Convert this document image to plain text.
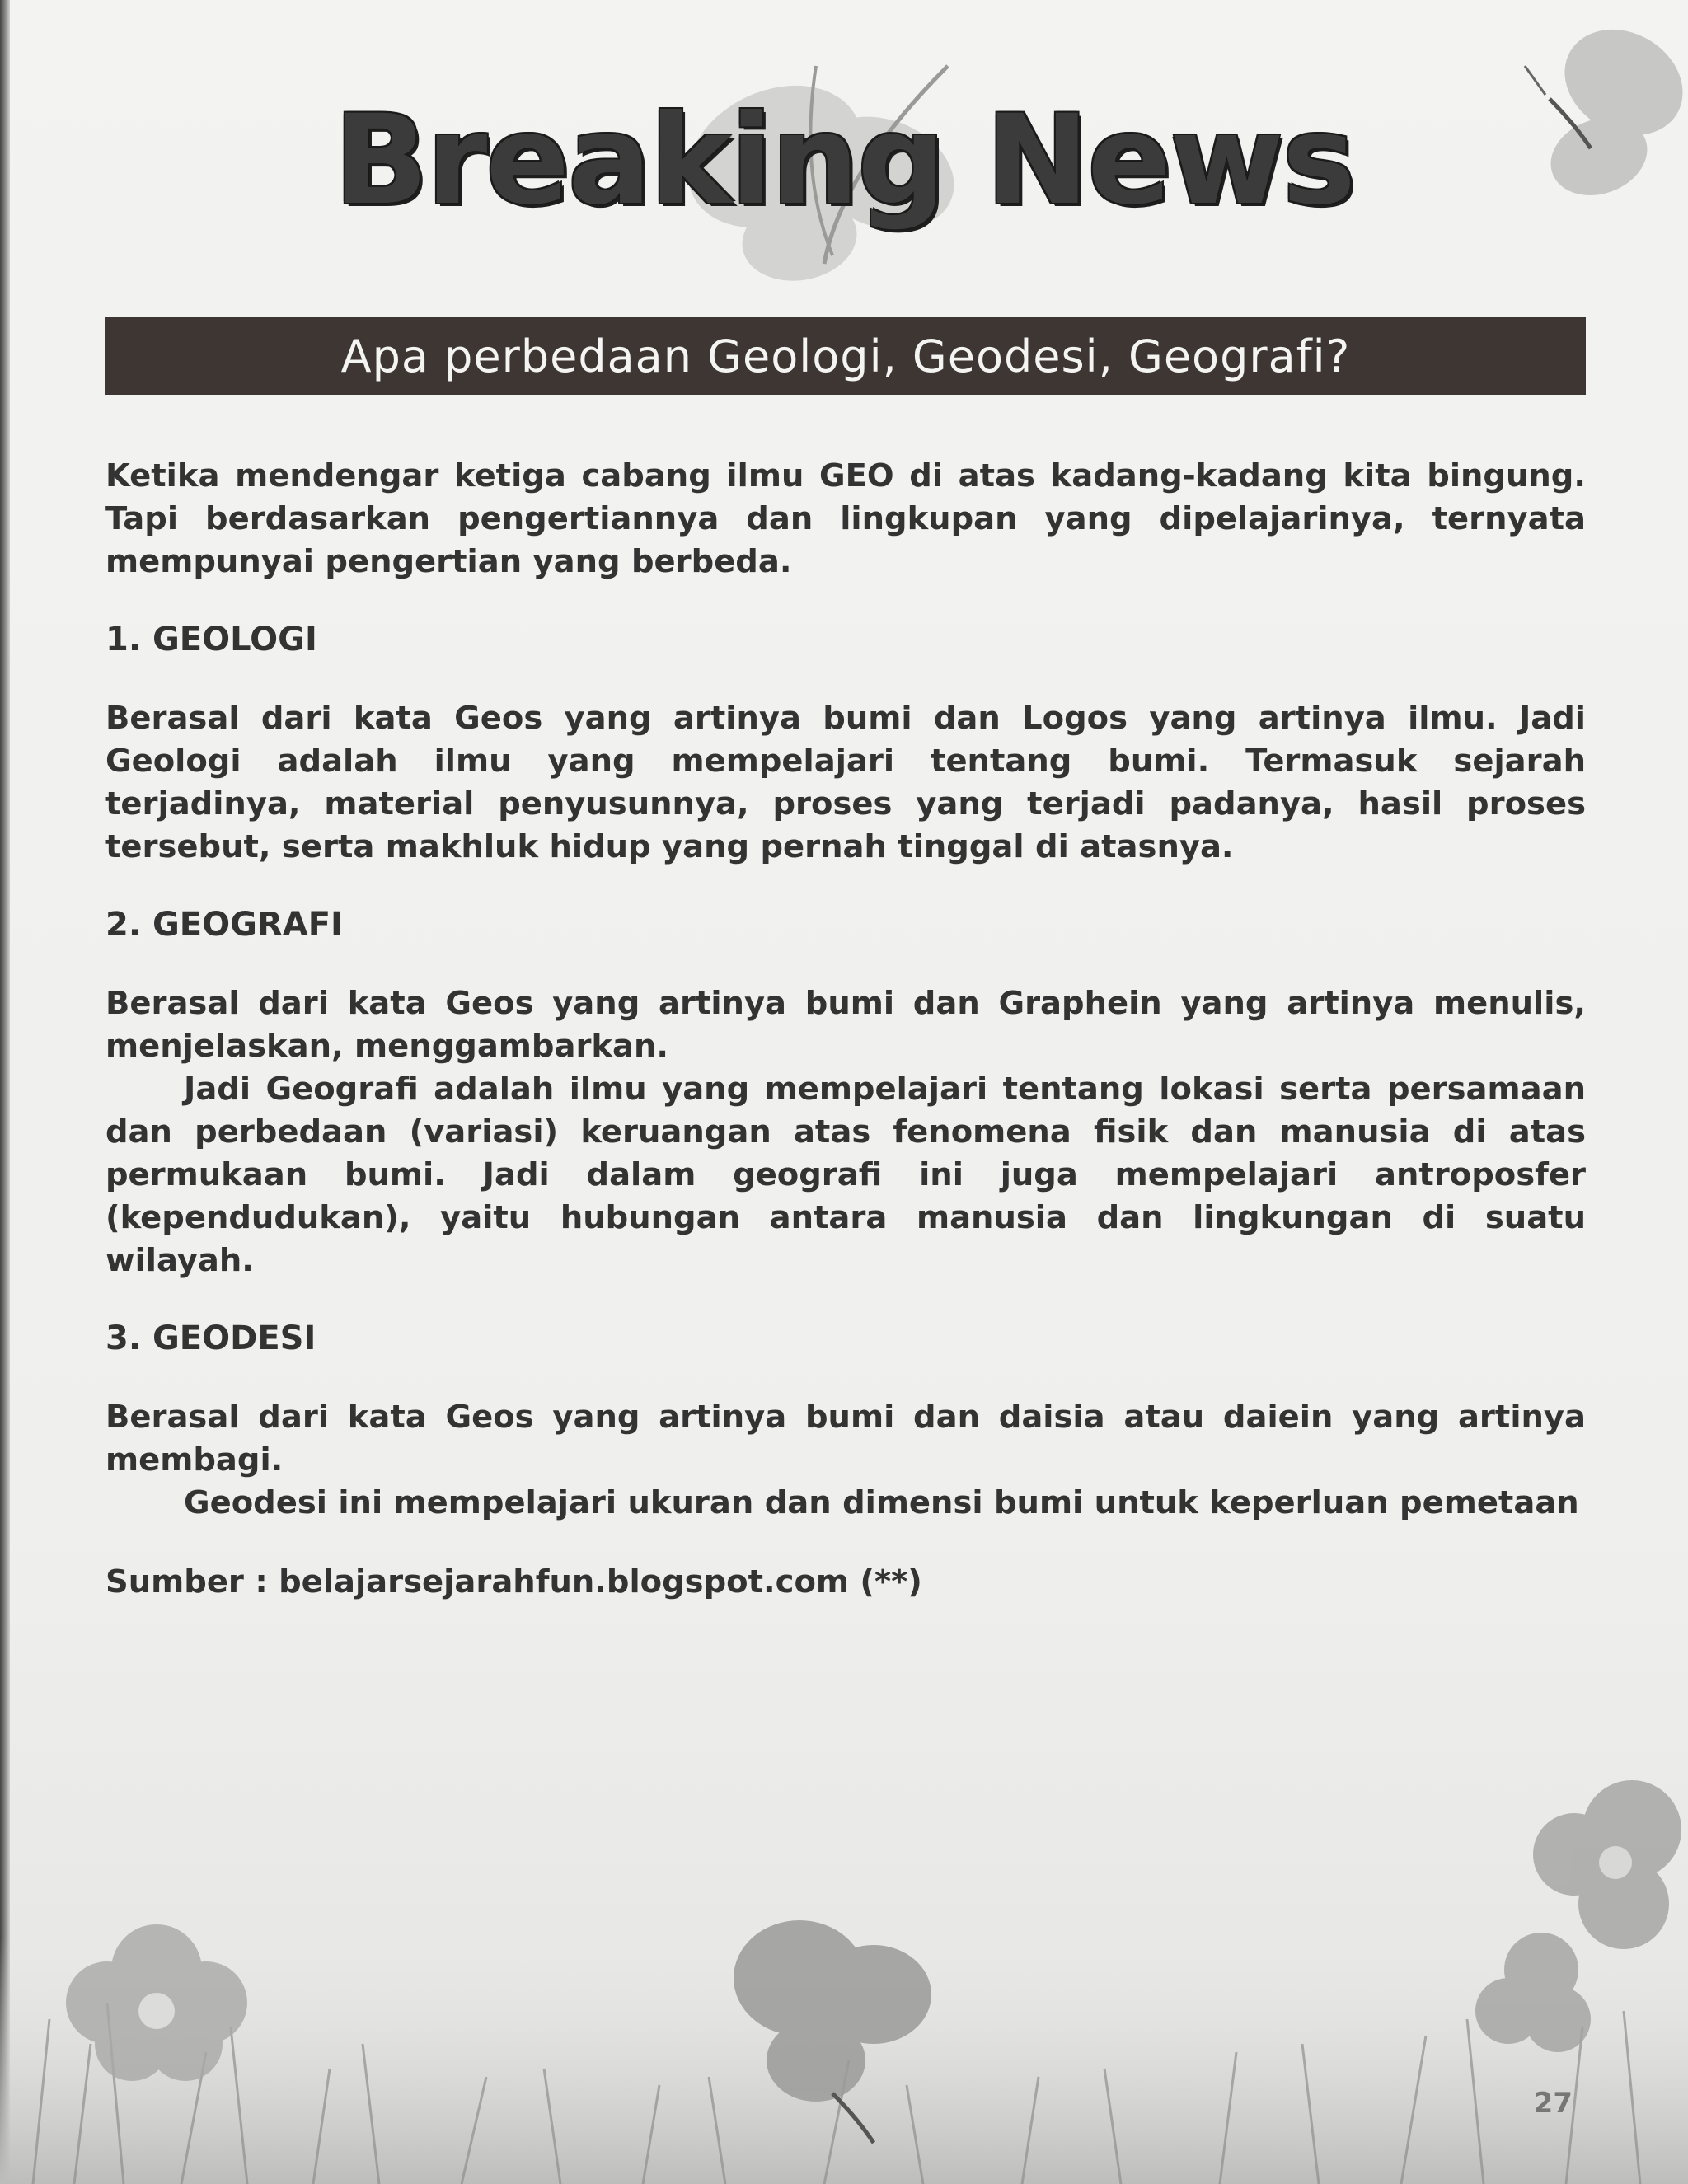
Breaking News
Apa perbedaan Geologi, Geodesi, Geografi?

Ketika mendengar ketiga cabang ilmu GEO di atas kadang-kadang kita bingung. Tapi berdasarkan pengertiannya dan lingkupan yang dipelajarinya, ternyata mempunyai pengertian yang berbeda.

1. GEOLOGI

Berasal dari kata Geos yang artinya bumi dan Logos yang artinya ilmu. Jadi Geologi adalah ilmu yang mempelajari tentang bumi. Termasuk sejarah terjadinya, material penyusunnya, proses yang terjadi padanya, hasil proses tersebut, serta makhluk hidup yang pernah tinggal di atasnya.

2. GEOGRAFI

Berasal dari kata Geos yang artinya bumi dan Graphein yang artinya menulis, menjelaskan, menggambarkan.

Jadi Geografi adalah ilmu yang mempelajari tentang lokasi serta persamaan dan perbedaan (variasi) keruangan atas fenomena fisik dan manusia di atas permukaan bumi. Jadi dalam geografi ini juga mempelajari antroposfer (kependudukan), yaitu hubungan antara manusia dan lingkungan di suatu wilayah.

3. GEODESI

Berasal dari kata Geos yang artinya bumi dan daisia atau daiein yang artinya membagi.

Geodesi ini mempelajari ukuran dan dimensi bumi untuk keperluan pemetaan

Sumber : belajarsejarahfun.blogspot.com (**)

27
